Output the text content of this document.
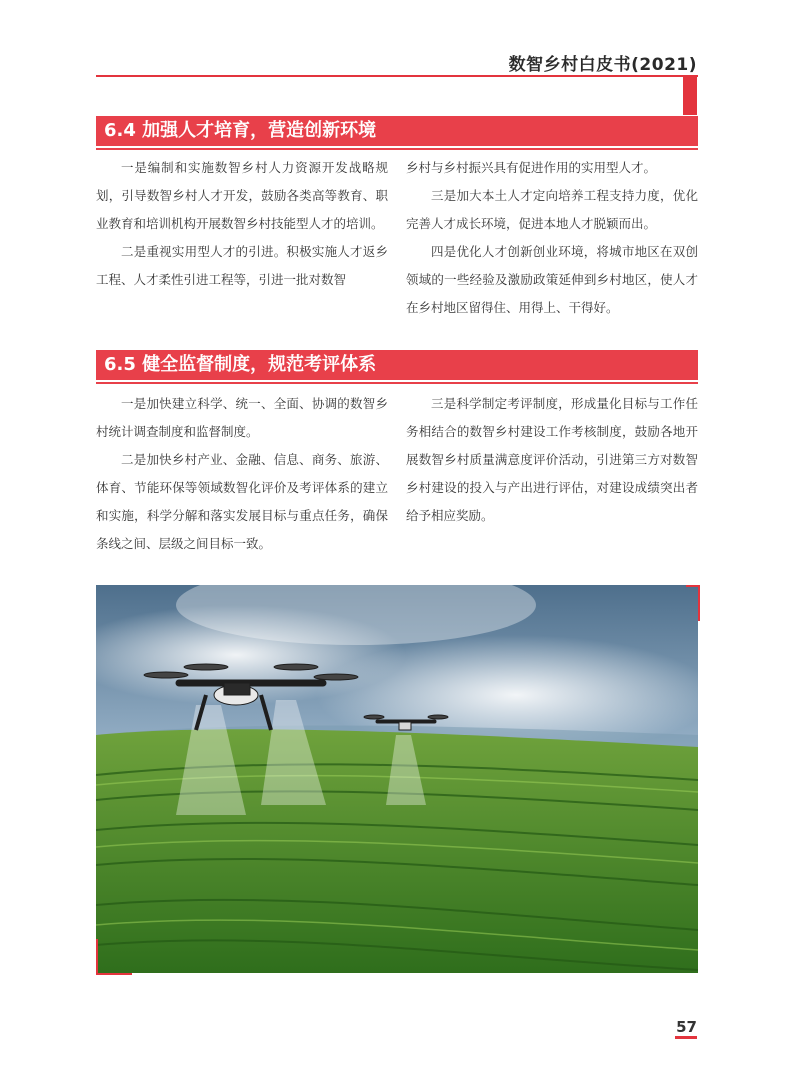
数智乡村白皮书(2021)
6.4 加强人才培育，营造创新环境

一是编制和实施数智乡村人力资源开发战略规划，引导数智乡村人才开发，鼓励各类高等教育、职业教育和培训机构开展数智乡村技能型人才的培训。

二是重视实用型人才的引进。积极实施人才返乡工程、人才柔性引进工程等，引进一批对数智

乡村与乡村振兴具有促进作用的实用型人才。

三是加大本土人才定向培养工程支持力度，优化完善人才成长环境，促进本地人才脱颖而出。

四是优化人才创新创业环境，将城市地区在双创领域的一些经验及激励政策延伸到乡村地区，使人才在乡村地区留得住、用得上、干得好。

6.5 健全监督制度，规范考评体系

一是加快建立科学、统一、全面、协调的数智乡村统计调查制度和监督制度。

二是加快乡村产业、金融、信息、商务、旅游、体育、节能环保等领域数智化评价及考评体系的建立和实施，科学分解和落实发展目标与重点任务，确保条线之间、层级之间目标一致。

三是科学制定考评制度，形成量化目标与工作任务相结合的数智乡村建设工作考核制度，鼓励各地开展数智乡村质量满意度评价活动，引进第三方对数智乡村建设的投入与产出进行评估，对建设成绩突出者给予相应奖励。

57
